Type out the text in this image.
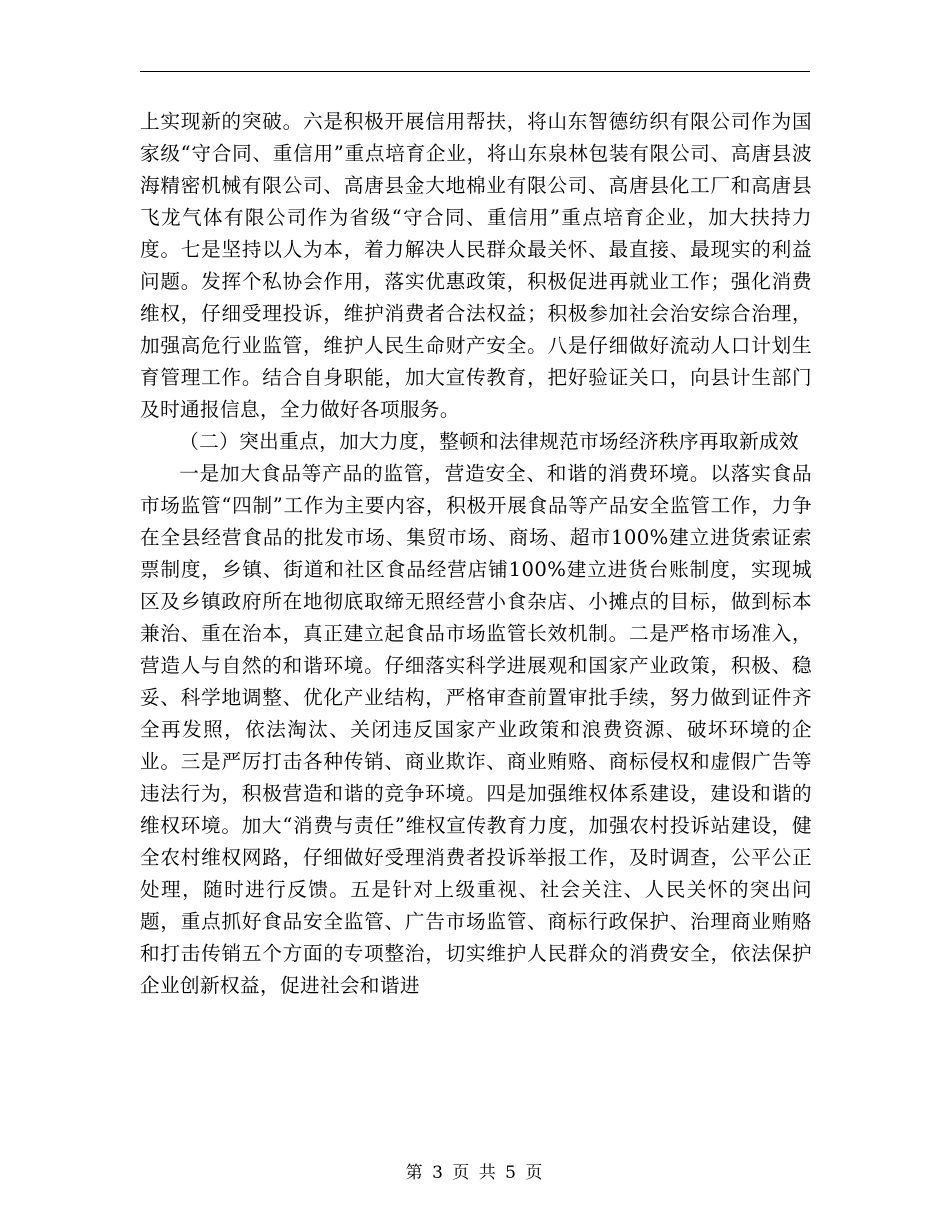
上实现新的突破。六是积极开展信用帮扶，将山东智德纺织有限公司作为国家级“守合同、重信用”重点培育企业，将山东泉林包装有限公司、高唐县波海精密机械有限公司、高唐县金大地棉业有限公司、高唐县化工厂和高唐县飞龙气体有限公司作为省级“守合同、重信用”重点培育企业，加大扶持力度。七是坚持以人为本，着力解决人民群众最关怀、最直接、最现实的利益问题。发挥个私协会作用，落实优惠政策，积极促进再就业工作；强化消费维权，仔细受理投诉，维护消费者合法权益；积极参加社会治安综合治理，加强高危行业监管，维护人民生命财产安全。八是仔细做好流动人口计划生育管理工作。结合自身职能，加大宣传教育，把好验证关口，向县计生部门及时通报信息，全力做好各项服务。

（二）突出重点，加大力度，整顿和法律规范市场经济秩序再取新成效

一是加大食品等产品的监管，营造安全、和谐的消费环境。以落实食品市场监管“四制”工作为主要内容，积极开展食品等产品安全监管工作，力争在全县经营食品的批发市场、集贸市场、商场、超市100%建立进货索证索票制度，乡镇、街道和社区食品经营店铺100%建立进货台账制度，实现城区及乡镇政府所在地彻底取缔无照经营小食杂店、小摊点的目标，做到标本兼治、重在治本，真正建立起食品市场监管长效机制。二是严格市场准入，营造人与自然的和谐环境。仔细落实科学进展观和国家产业政策，积极、稳妥、科学地调整、优化产业结构，严格审查前置审批手续，努力做到证件齐全再发照，依法淘汰、关闭违反国家产业政策和浪费资源、破坏环境的企业。三是严厉打击各种传销、商业欺诈、商业贿赂、商标侵权和虚假广告等违法行为，积极营造和谐的竞争环境。四是加强维权体系建设，建设和谐的维权环境。加大“消费与责任”维权宣传教育力度，加强农村投诉站建设，健全农村维权网路，仔细做好受理消费者投诉举报工作，及时调查，公平公正处理，随时进行反馈。五是针对上级重视、社会关注、人民关怀的突出问题，重点抓好食品安全监管、广告市场监管、商标行政保护、治理商业贿赂和打击传销五个方面的专项整治，切实维护人民群众的消费安全，依法保护企业创新权益，促进社会和谐进

第 3 页 共 5 页
